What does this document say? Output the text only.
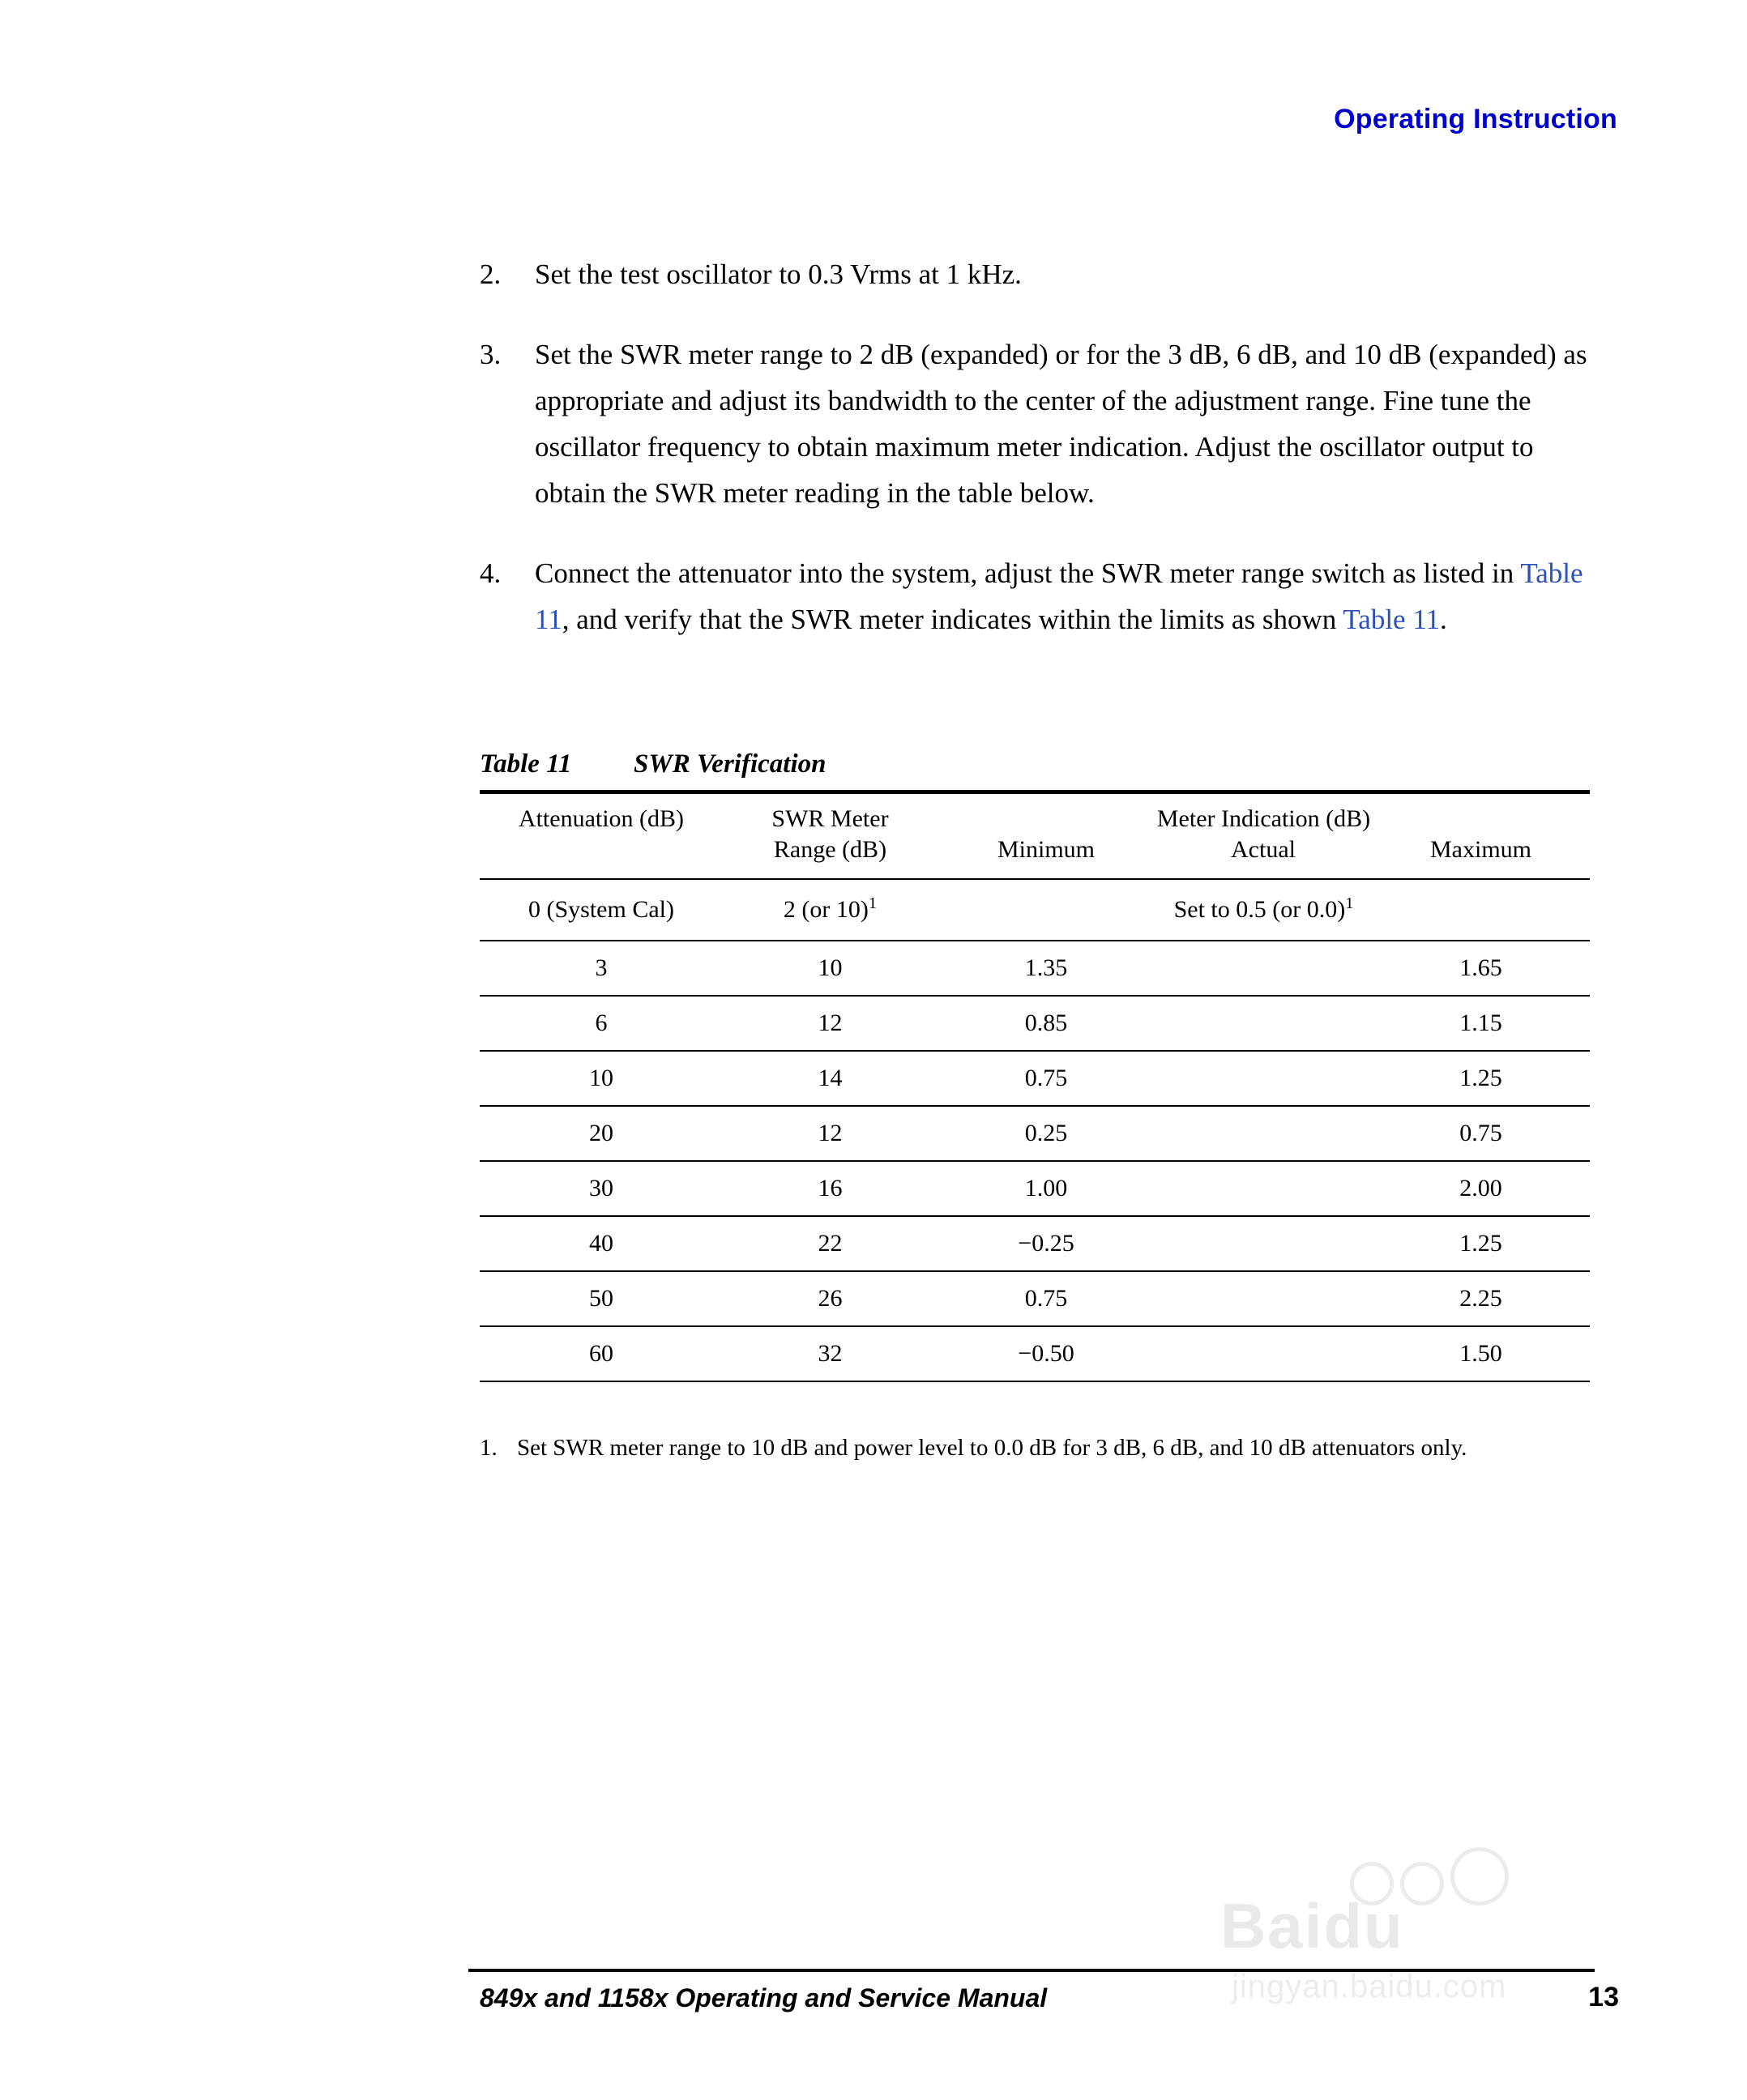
Operating Instruction
2.	Set the test oscillator to 0.3 Vrms at 1 kHz.
3.	Set the SWR meter range to 2 dB (expanded) or for the 3 dB, 6 dB, and 10 dB (expanded) as appropriate and adjust its bandwidth to the center of the adjustment range. Fine tune the oscillator frequency to obtain maximum meter indication. Adjust the oscillator output to obtain the SWR meter reading in the table below.
4.	Connect the attenuator into the system, adjust the SWR meter range switch as listed in Table 11, and verify that the SWR meter indicates within the limits as shown Table 11.
Table 11 SWR Verification

Attenuation (dB)	SWR Meter	Meter Indication (dB)		
	Range (dB)	Minimum	Actual	Maximum

0 (System Cal)	2 (or 10)$^1$	Set to 0.5 (or 0.0)$^1$

3	10	1.35		1.65

6	12	0.85		1.15

10	14	0.75		1.25

20	12	0.25		0.75

30	16	1.00		2.00

40	22	−0.25		1.25

50	26	0.75		2.25

60	32	−0.50		1.50

1. Set SWR meter range to 10 dB and power level to 0.0 dB for 3 dB, 6 dB, and 10 dB attenuators only.
849x and 1158x Operating and Service Manual	13
Baidu
jingyan.baidu.com
